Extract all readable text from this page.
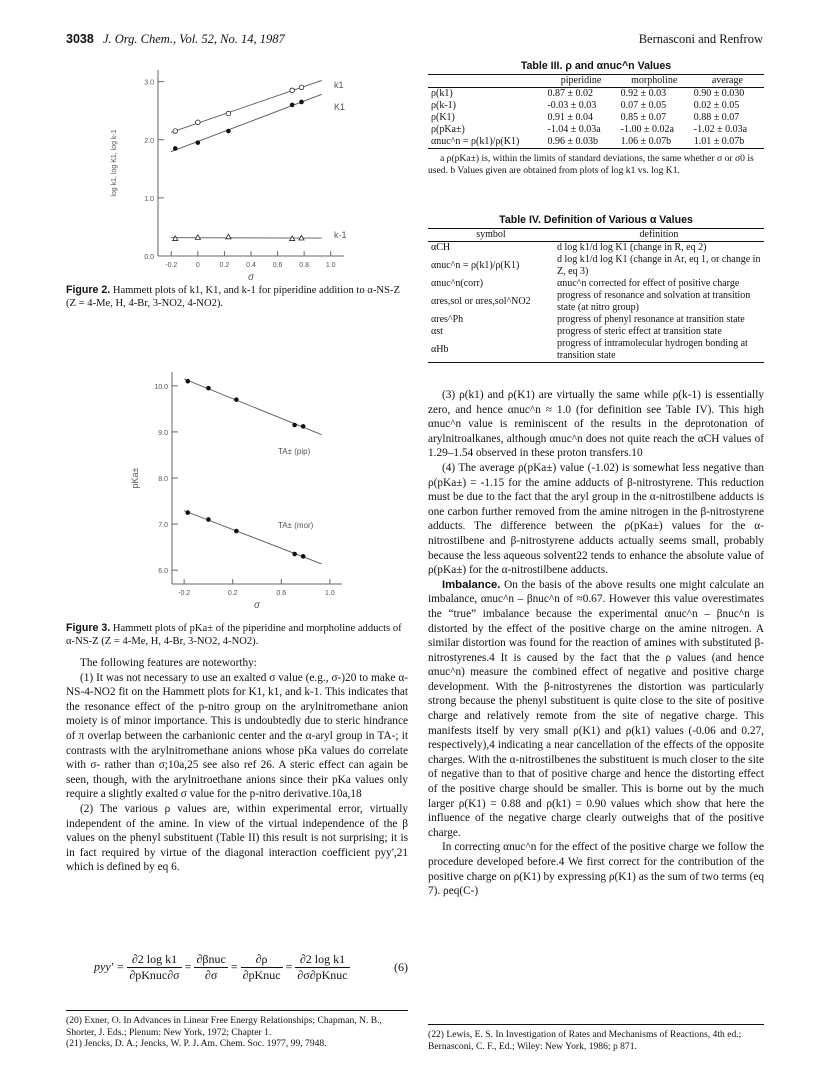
3038 J. Org. Chem., Vol. 52, No. 14, 1987	Bernasconi and Renfrow
3.0
2.0
1.0
0.0
-0.2	0	0.2 0.4 0.6 0.8 1.0
σ
log k1, log K1, log k-1
k1
K1
k-1
Figure 2. Hammett plots of k1, K1, and k-1 for piperidine addition to α-NS-Z (Z = 4-Me, H, 4-Br, 3-NO2, 4-NO2).
10.0
9.0
8.0
7.0
6.0
-0.2	0.2	0.6	1.0
σ
pKa±
TA± (pip)
TA± (mor)
Figure 3. Hammett plots of pKa± of the piperidine and morpholine adducts of α-NS-Z (Z = 4-Me, H, 4-Br, 3-NO2, 4-NO2).

The following features are noteworthy:

(1) It was not necessary to use an exalted σ value (e.g., σ-)20 to make α-NS-4-NO2 fit on the Hammett plots for K1, k1, and k-1. This indicates that the resonance effect of the p-nitro group on the arylnitromethane anion moiety is of minor importance. This is undoubtedly due to steric hindrance of π overlap between the carbanionic center and the α-aryl group in TA-; it contrasts with the arylnitromethane anions whose pKa values do correlate with σ- rather than σ;10a,25 see also ref 26. A steric effect can again be seen, though, with the arylnitroethane anions since their pKa values only require a slightly exalted σ value for the p-nitro derivative.10a,18

(2) The various ρ values are, within experimental error, virtually independent of the amine. In view of the virtual independence of the β values on the phenyl substituent (Table II) this result is not surprising; it is in fact required by virtue of the diagonal interaction coefficient pyy',21 which is defined by eq 6.

$pyy' = \frac{\text{∂2 log k1}}{\text{∂pKnuc∂σ}} = \frac{\text{∂βnuc}}{\partial\sigma} = \frac{\partial\rho}{\text{∂pKnuc}} = \frac{\text{∂2 log k1}}{\text{∂σ∂pKnuc}}$	(6)
(20) Exner, O. In Advances in Linear Free Energy Relationships; Chapman, N. B., Shorter, J. Eds.; Plenum: New York, 1972; Chapter 1.
(21) Jencks, D. A.; Jencks, W. P. J. Am. Chem. Soc. 1977, 99, 7948.
Table III. ρ and αnuc^n Values
	piperidine	morpholine	average
ρ(k1)	0.87 ± 0.02	0.92 ± 0.03	0.90 ± 0.030
ρ(k-1)	-0.03 ± 0.03	0.07 ± 0.05	0.02 ± 0.05
ρ(K1)	0.91 ± 0.04	0.85 ± 0.07	0.88 ± 0.07
ρ(pKa±)	-1.04 ± 0.03a	-1.00 ± 0.02a	-1.02 ± 0.03a
αnuc^n = ρ(k1)/ρ(K1)	0.96 ± 0.03b	1.06 ± 0.07b	1.01 ± 0.07b
a ρ(pKa±) is, within the limits of standard deviations, the same whether σ or σ0 is used. b Values given are obtained from plots of log k1 vs. log K1.
Table IV. Definition of Various α Values
symbol	definition
αCH	d log k1/d log K1 (change in R, eq 2)
αnuc^n = ρ(k1)/ρ(K1)	d log k1/d log K1 (change in Ar, eq 1, or change in Z, eq 3)
αnuc^n(corr)	αnuc^n corrected for effect of positive charge
αres,sol or αres,sol^NO2	progress of resonance and solvation at transition state (at nitro group)
αres^Ph	progress of phenyl resonance at transition state
αst	progress of steric effect at transition state
αHb	progress of intramolecular hydrogen bonding at transition state

(3) ρ(k1) and ρ(K1) are virtually the same while ρ(k-1) is essentially zero, and hence αnuc^n ≈ 1.0 (for definition see Table IV). This high αnuc^n value is reminiscent of the results in the deprotonation of arylnitroalkanes, although αnuc^n does not quite reach the αCH values of 1.29–1.54 observed in these proton transfers.10

(4) The average ρ(pKa±) value (-1.02) is somewhat less negative than ρ(pKa±) = -1.15 for the amine adducts of β-nitrostyrene. This reduction must be due to the fact that the aryl group in the α-nitrostilbene adducts is one carbon further removed from the amine nitrogen in the β-nitrostyrene adducts. The difference between the ρ(pKa±) values for the α-nitrostilbene and β-nitrostyrene adducts actually seems small, probably because the less aqueous solvent22 tends to enhance the absolute value of ρ(pKa±) for the α-nitrostilbene adducts.

Imbalance. On the basis of the above results one might calculate an imbalance, αnuc^n – βnuc^n of ≈0.67. However this value overestimates the “true” imbalance because the experimental αnuc^n – βnuc^n is distorted by the effect of the positive charge on the amine nitrogen. A similar distortion was found for the reaction of amines with substituted β-nitrostyrenes.4 It is caused by the fact that the ρ values (and hence αnuc^n) measure the combined effect of negative and positive charge development. With the β-nitrostyrenes the distortion was particularly strong because the phenyl substituent is quite close to the site of positive charge and relatively remote from the site of negative charge. This manifests itself by very small ρ(K1) and ρ(k1) values (-0.06 and 0.27, respectively),4 indicating a near cancellation of the effects of the opposite charges. With the α-nitrostilbenes the substituent is much closer to the site of negative than to that of positive charge and hence the distorting effect of the positive charge should be smaller. This is borne out by the much larger ρ(K1) = 0.88 and ρ(k1) = 0.90 values which show that here the influence of the negative charge clearly outweighs that of the positive charge.

In correcting αnuc^n for the effect of the positive charge we follow the procedure developed before.4 We first correct for the contribution of the positive charge on ρ(K1) by expressing ρ(K1) as the sum of two terms (eq 7). ρeq(C-)

(22) Lewis, E. S. In Investigation of Rates and Mechanisms of Reactions, 4th ed.; Bernasconi, C. F., Ed.; Wiley: New York, 1986; p 871.
